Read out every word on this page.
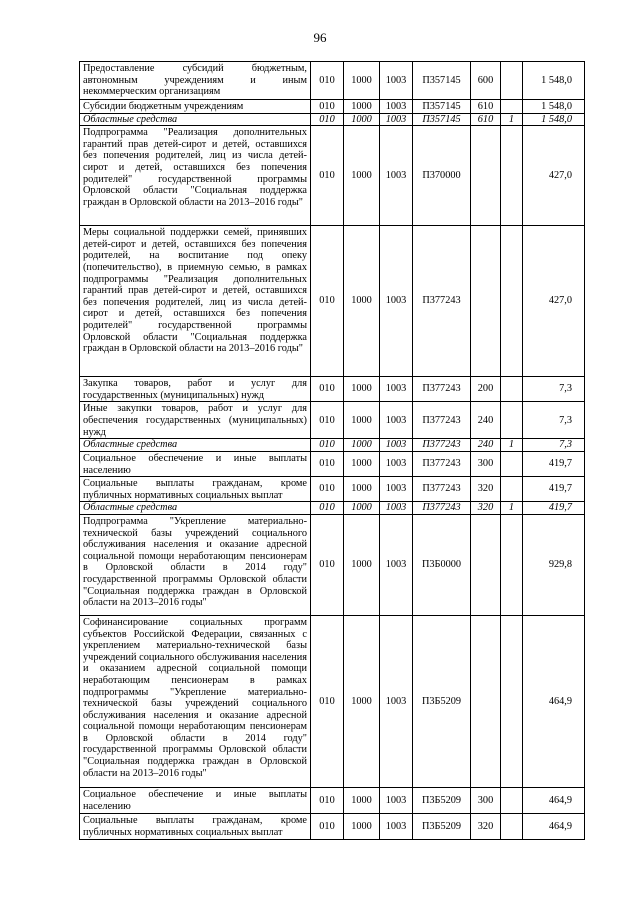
96
Предоставление субсидий бюджетным, автономным учреждениям и иным некоммерческим организациям	010	1000	1003	П357145	600		1 548,0
Субсидии бюджетным учреждениям	010	1000	1003	П357145	610		1 548,0
Областные средства	010	1000	1003	П357145	610	1	1 548,0
Подпрограмма "Реализация дополнительных гарантий прав детей-сирот и детей, оставшихся без попечения родителей, лиц из числа детей-сирот и детей, оставшихся без попечения родителей" государственной программы Орловской области "Социальная поддержка граждан в Орловской области на 2013–2016 годы"	010	1000	1003	П370000			427,0
Меры социальной поддержки семей, принявших детей-сирот и детей, оставшихся без попечения родителей, на воспитание под опеку (попечительство), в приемную семью, в рамках подпрограммы "Реализация дополнительных гарантий прав детей-сирот и детей, оставшихся без попечения родителей, лиц из числа детей-сирот и детей, оставшихся без попечения родителей" государственной программы Орловской области "Социальная поддержка граждан в Орловской области на 2013–2016 годы"	010	1000	1003	П377243			427,0
Закупка товаров, работ и услуг для государственных (муниципальных) нужд	010	1000	1003	П377243	200		7,3
Иные закупки товаров, работ и услуг для обеспечения государственных (муниципальных) нужд	010	1000	1003	П377243	240		7,3
Областные средства	010	1000	1003	П377243	240	1	7,3
Социальное обеспечение и иные выплаты населению	010	1000	1003	П377243	300		419,7
Социальные выплаты гражданам, кроме публичных нормативных социальных выплат	010	1000	1003	П377243	320		419,7
Областные средства	010	1000	1003	П377243	320	1	419,7
Подпрограмма "Укрепление материально-технической базы учреждений социального обслуживания населения и оказание адресной социальной помощи неработающим пенсионерам в Орловской области в 2014 году" государственной программы Орловской области "Социальная поддержка граждан в Орловской области на 2013–2016 годы"	010	1000	1003	П3Б0000			929,8
Софинансирование социальных программ субъектов Российской Федерации, связанных с укреплением материально-технической базы учреждений социального обслуживания населения и оказанием адресной социальной помощи неработающим пенсионерам в рамках подпрограммы "Укрепление материально-технической базы учреждений социального обслуживания населения и оказание адресной социальной помощи неработающим пенсионерам в Орловской области в 2014 году" государственной программы Орловской области "Социальная поддержка граждан в Орловской области на 2013–2016 годы"	010	1000	1003	П3Б5209			464,9
Социальное обеспечение и иные выплаты населению	010	1000	1003	П3Б5209	300		464,9
Социальные выплаты гражданам, кроме публичных нормативных социальных выплат	010	1000	1003	П3Б5209	320		464,9
